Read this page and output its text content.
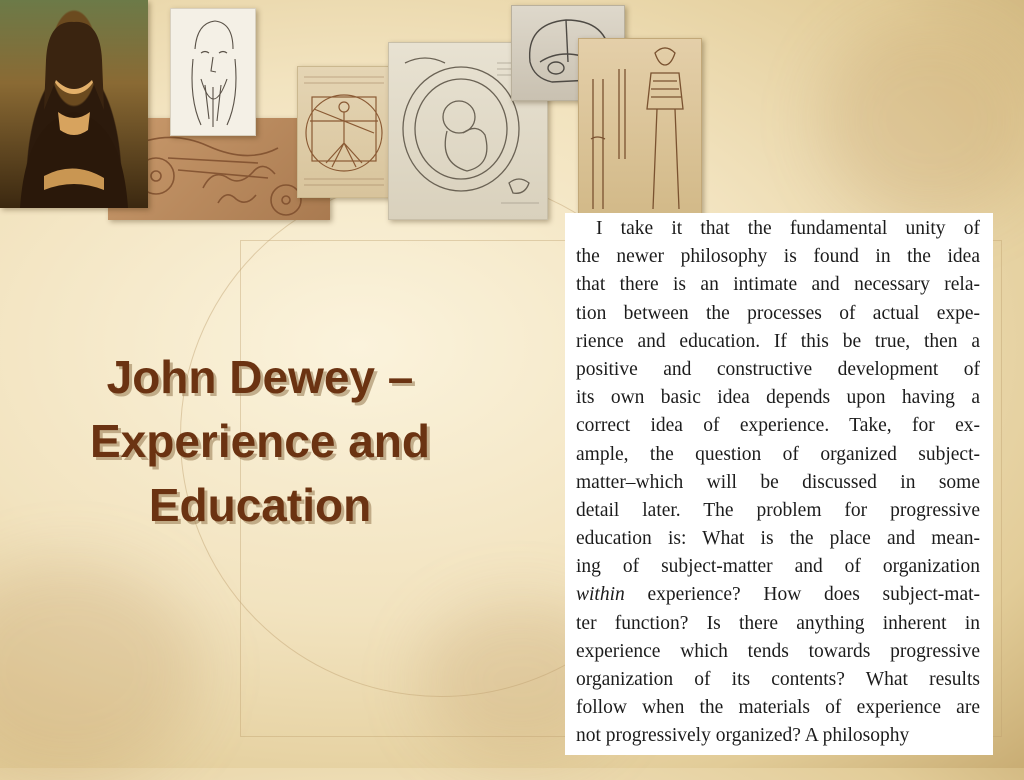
John Dewey –
Experience and
Education
I take it that the fundamental unity of
the newer philosophy is found in the idea
that there is an intimate and necessary rela-
tion between the processes of actual expe-
rience and education. If this be true, then a
positive and constructive development of
its own basic idea depends upon having a
correct idea of experience. Take, for ex-
ample, the question of organized subject-
matter–which will be discussed in some
detail later. The problem for progressive
education is: What is the place and mean-
ing of subject-matter and of organization
within experience? How does subject-mat-
ter function? Is there anything inherent in
experience which tends towards progressive
organization of its contents? What results
follow when the materials of experience are
not progressively organized? A philosophy
